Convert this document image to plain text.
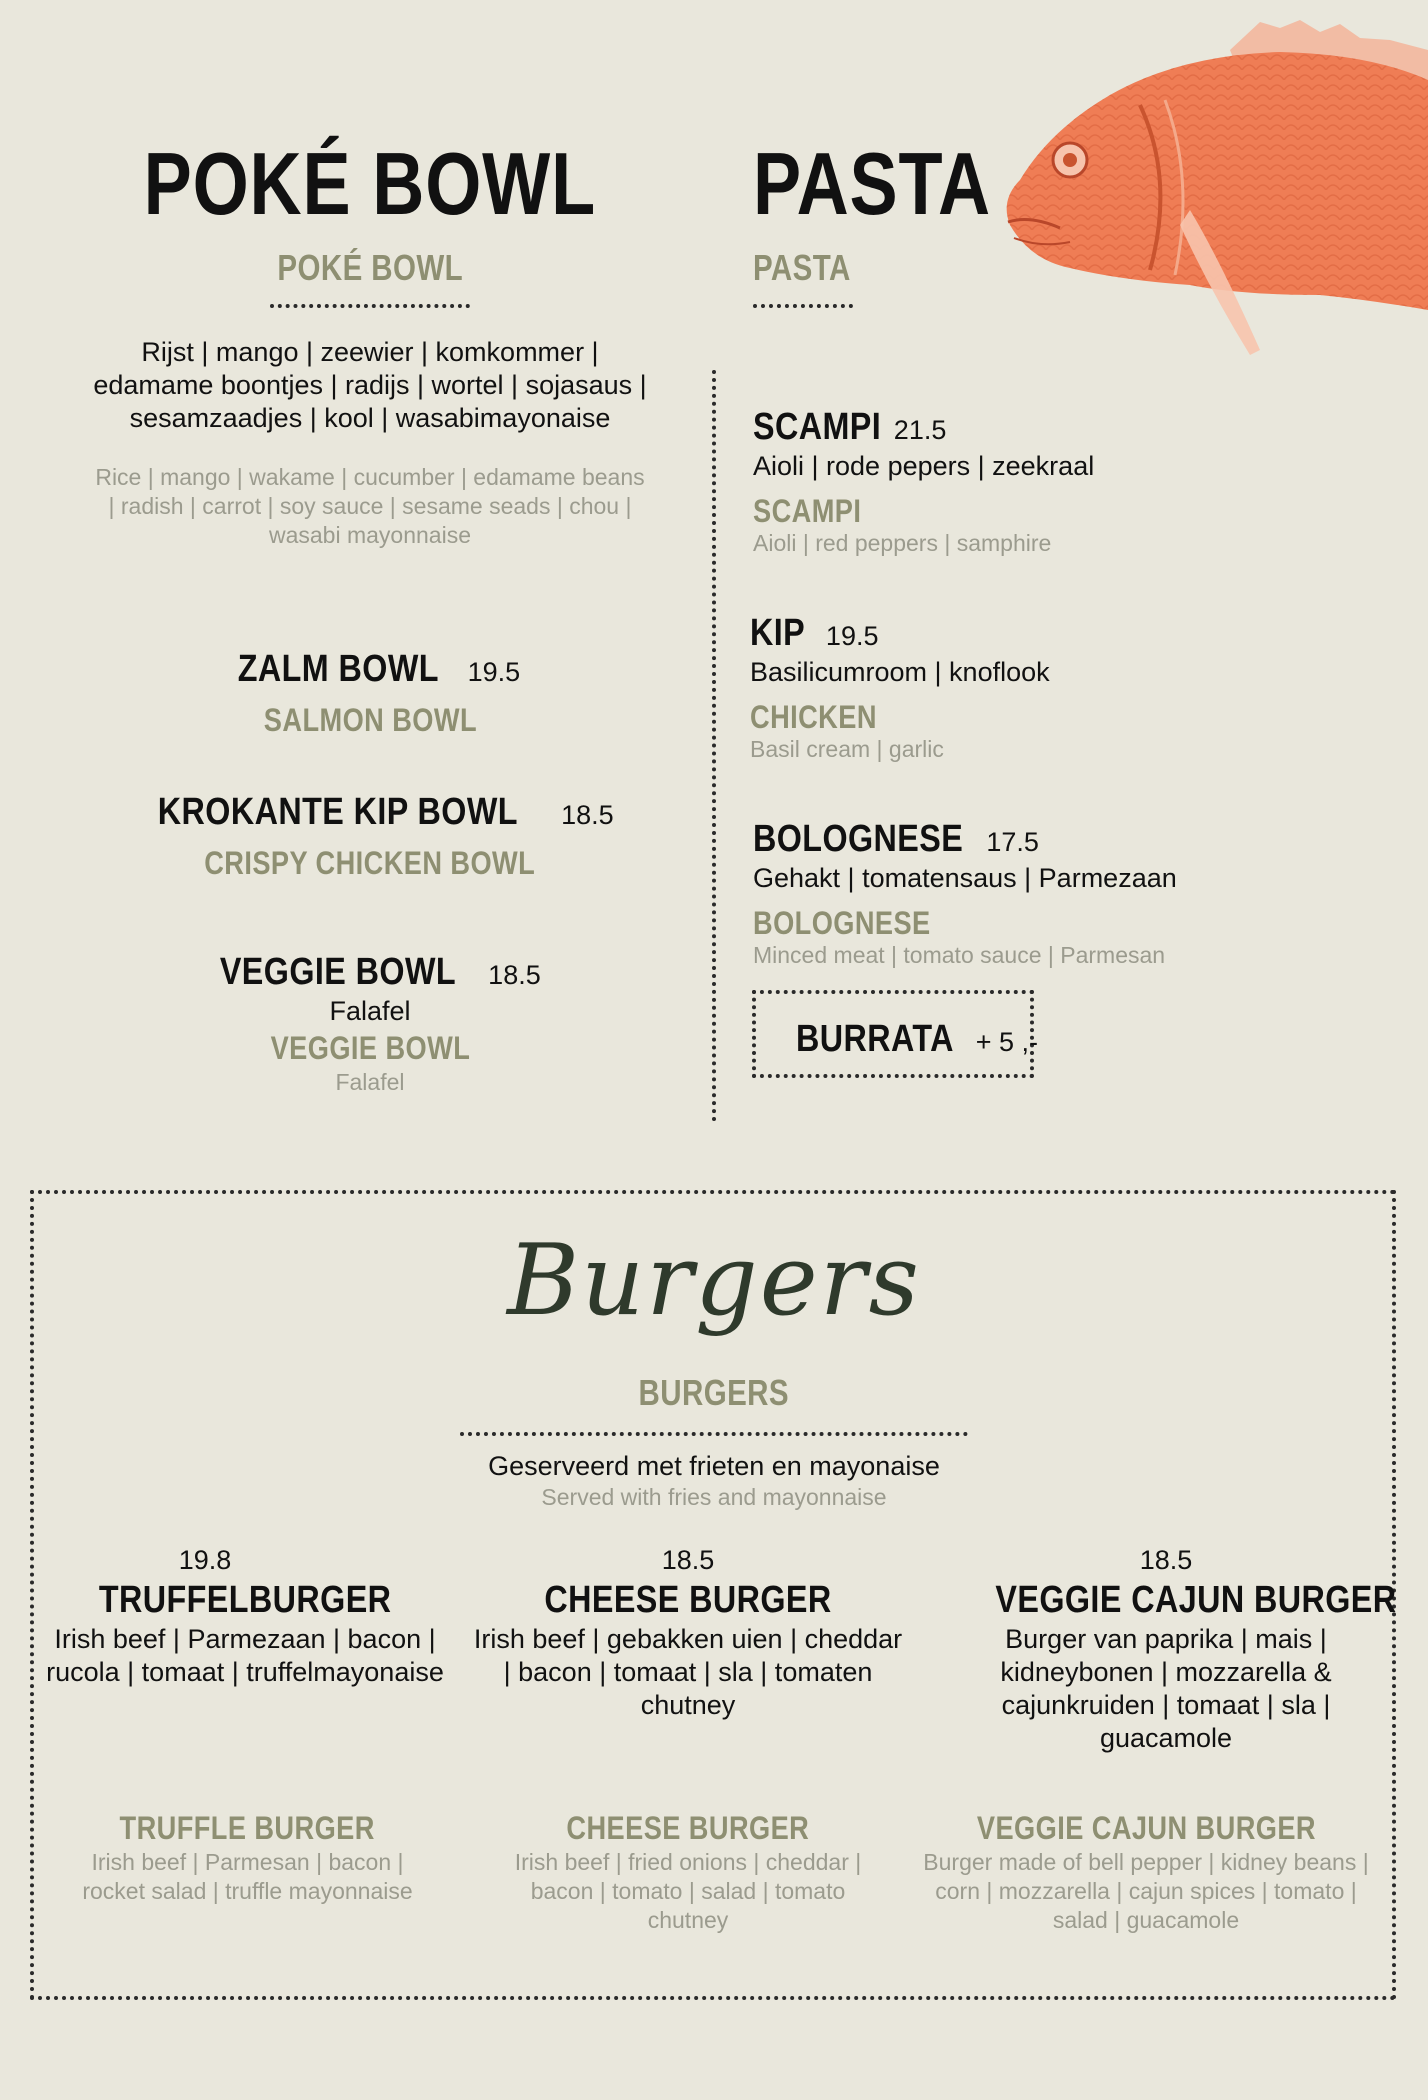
POKÉ BOWL
POKÉ BOWL
Rijst | mango | zeewier | komkommer | edamame boontjes | radijs | wortel | sojasaus | sesamzaadjes | kool | wasabimayonaise
Rice | mango | wakame | cucumber | edamame beans | radish | carrot | soy sauce | sesame seads | chou | wasabi mayonnaise
ZALM BOWL 19.5
SALMON BOWL
KROKANTE KIP BOWL 18.5
CRISPY CHICKEN BOWL
VEGGIE BOWL 18.5
Falafel
VEGGIE BOWL
Falafel
PASTA
PASTA
SCAMPI 21.5
Aioli | rode pepers | zeekraal
SCAMPI
Aioli | red peppers | samphire
KIP 19.5
Basilicumroom | knoflook
CHICKEN
Basil cream | garlic
BOLOGNESE 17.5
Gehakt | tomatensaus | Parmezaan
BOLOGNESE
Minced meat | tomato sauce | Parmesan
BURRATA + 5 ,-
Burgers
BURGERS
Geserveerd met frieten en mayonaise
Served with fries and mayonnaise
19.8
TRUFFELBURGER
Irish beef | Parmezaan | bacon | rucola | tomaat | truffelmayonaise
TRUFFLE BURGER
Irish beef | Parmesan | bacon | rocket salad | truffle mayonnaise
18.5
CHEESE BURGER
Irish beef | gebakken uien | cheddar | bacon | tomaat | sla | tomaten chutney
CHEESE BURGER
Irish beef | fried onions | cheddar | bacon | tomato | salad | tomato chutney
18.5
VEGGIE CAJUN BURGER
Burger van paprika | mais | kidneybonen | mozzarella & cajunkruiden | tomaat | sla | guacamole
VEGGIE CAJUN BURGER
Burger made of bell pepper | kidney beans | corn | mozzarella | cajun spices | tomato | salad | guacamole
